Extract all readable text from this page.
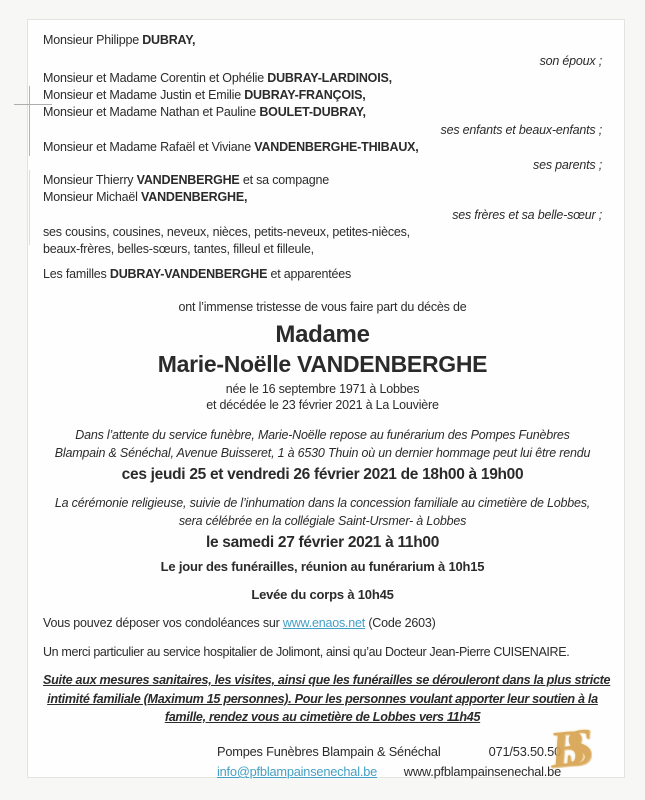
Monsieur Philippe DUBRAY,
son époux ;
Monsieur et Madame Corentin et Ophélie DUBRAY-LARDINOIS,
Monsieur et Madame Justin et Emilie DUBRAY-FRANÇOIS,
Monsieur et Madame Nathan et Pauline BOULET-DUBRAY,
ses enfants et beaux-enfants ;
Monsieur et Madame Rafaël et Viviane VANDENBERGHE-THIBAUX,
ses parents ;
Monsieur Thierry VANDENBERGHE et sa compagne
Monsieur Michaël VANDENBERGHE,
ses frères et sa belle-sœur ;
ses cousins, cousines, neveux, nièces, petits-neveux, petites-nièces,
beaux-frères, belles-sœurs, tantes, filleul et filleule,
Les familles DUBRAY-VANDENBERGHE et apparentées
ont l’immense tristesse de vous faire part du décès de
Madame
Marie-Noëlle VANDENBERGHE
née le 16 septembre 1971 à Lobbes
et décédée le 23 février 2021 à La Louvière
Dans l’attente du service funèbre, Marie-Noëlle repose au funérarium des Pompes Funèbres
Blampain & Sénéchal, Avenue Buisseret, 1 à 6530 Thuin où un dernier hommage peut lui être rendu
ces jeudi 25 et vendredi 26 février 2021 de 18h00 à 19h00
La cérémonie religieuse, suivie de l’inhumation dans la concession familiale au cimetière de Lobbes,
sera célébrée en la collégiale Saint-Ursmer- à Lobbes
le samedi 27 février 2021 à 11h00
Le jour des funérailles, réunion au funérarium à 10h15
Levée du corps à 10h45
Vous pouvez déposer vos condoléances sur www.enaos.net (Code 2603)
Un merci particulier au service hospitalier de Jolimont, ainsi qu’au Docteur Jean-Pierre CUISENAIRE.
Suite aux mesures sanitaires, les visites, ainsi que les funérailles se dérouleront dans la plus stricte
intimité familiale (Maximum 15 personnes). Pour les personnes voulant apporter leur soutien à la
famille, rendez vous au cimetière de Lobbes vers 11h45
Pompes Funèbres Blampain & Sénéchal	071/53.50.50
info@pfblampainsenechal.be www.pfblampainsenechal.be
BS
